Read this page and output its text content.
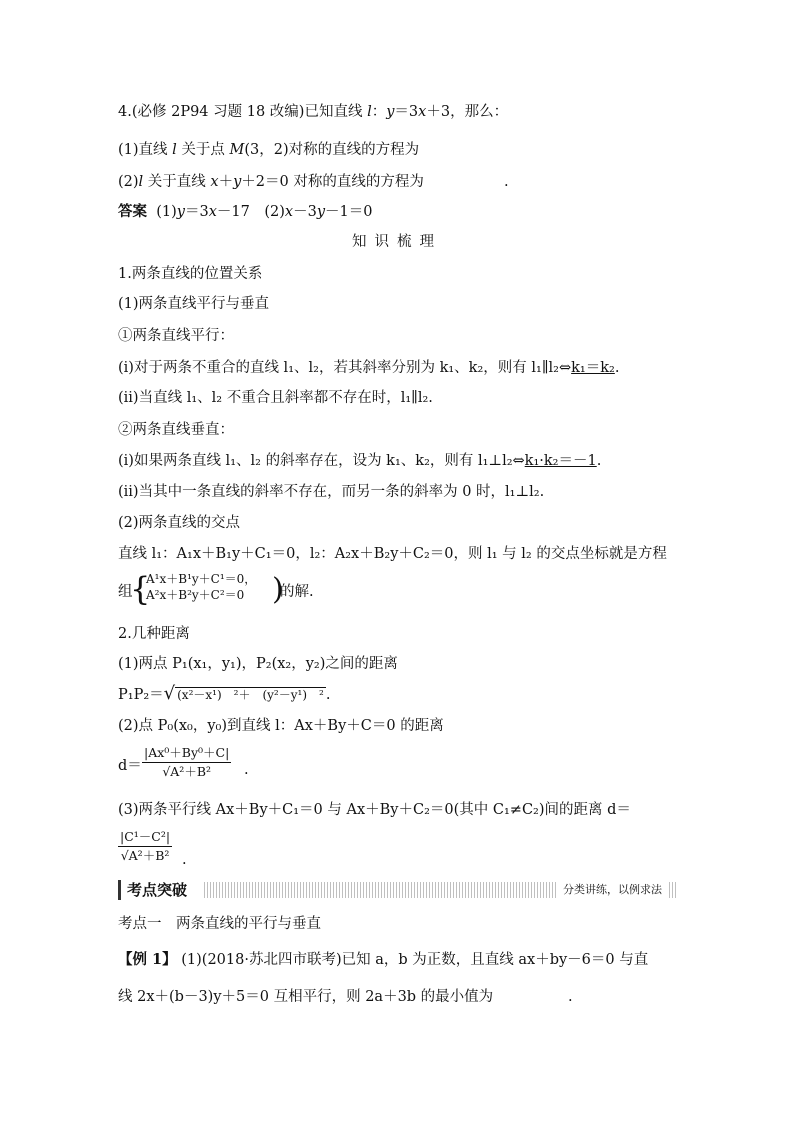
4.(必修 2P94 习题 18 改编)已知直线 l：y＝3x＋3，那么：
(1)直线 l 关于点 M(3，2)对称的直线的方程为
(2)l 关于直线 x＋y＋2＝0 对称的直线的方程为	.
答案 (1)y＝3x－17　(2)x－3y－1＝0
知识梳理
1.两条直线的位置关系
(1)两条直线平行与垂直
①两条直线平行：
(ⅰ)对于两条不重合的直线 l₁、l₂，若其斜率分别为 k₁、k₂，则有 l₁∥l₂⇔k₁＝k₂.
(ⅱ)当直线 l₁、l₂ 不重合且斜率都不存在时，l₁∥l₂.
②两条直线垂直：
(ⅰ)如果两条直线 l₁、l₂ 的斜率存在，设为 k₁、k₂，则有 l₁⊥l₂⇔k₁·k₂＝－1.
(ⅱ)当其中一条直线的斜率不存在，而另一条的斜率为 0 时，l₁⊥l₂.
(2)两条直线的交点
直线 l₁：A₁x＋B₁y＋C₁＝0，l₂：A₂x＋B₂y＋C₂＝0，则 l₁ 与 l₂ 的交点坐标就是方程
组
{
A¹x＋B¹y＋C¹＝0，
A²x＋B²y＋C²＝0 )
的解.
2.几种距离
(1)两点 P₁(x₁，y₁)，P₂(x₂，y₂)之间的距离
P₁P₂＝√ (x²－x¹)　²＋　(y²－y¹)　² .
(2)点 P₀(x₀，y₀)到直线 l：Ax＋By＋C＝0 的距离
$d= \frac{\text{|Ax⁰＋By⁰＋C|}}{\text{√A²＋B²}}$ .
(3)两条平行线 Ax＋By＋C₁＝0 与 Ax＋By＋C₂＝0(其中 C₁≠C₂)间的距离 d＝
$\frac{\text{|C¹－C²|}}{\text{√A²＋B²}}$ .
考点突破	分类讲练，以例求法
考点一　两条直线的平行与垂直
【例 1】 (1)(2018·苏北四市联考)已知 a，b 为正数，且直线 ax＋by－6＝0 与直
线 2x＋(b－3)y＋5＝0 互相平行，则 2a＋3b 的最小值为	.
